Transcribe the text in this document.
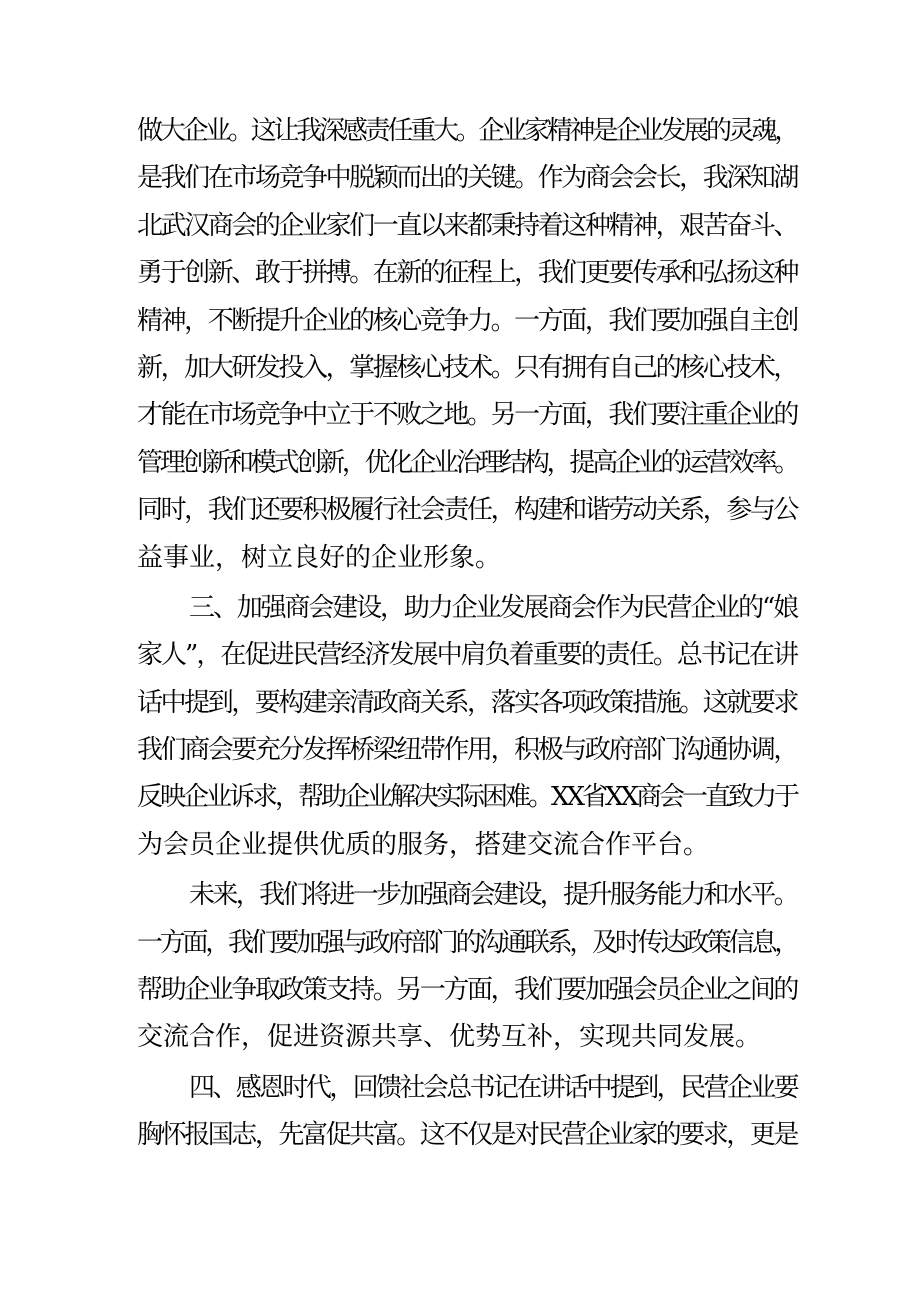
做大企业。这让我深感责任重大。企业家精神是企业发展的灵魂，
是我们在市场竞争中脱颖而出的关键。作为商会会长，我深知湖
北武汉商会的企业家们一直以来都秉持着这种精神，艰苦奋斗、
勇于创新、敢于拼搏。在新的征程上，我们更要传承和弘扬这种
精神，不断提升企业的核心竞争力。一方面，我们要加强自主创
新，加大研发投入，掌握核心技术。只有拥有自己的核心技术，
才能在市场竞争中立于不败之地。另一方面，我们要注重企业的
管理创新和模式创新，优化企业治理结构，提高企业的运营效率。
同时，我们还要积极履行社会责任，构建和谐劳动关系，参与公
益事业，树立良好的企业形象。
三、加强商会建设，助力企业发展商会作为民营企业的“娘
家人”，在促进民营经济发展中肩负着重要的责任。总书记在讲
话中提到，要构建亲清政商关系，落实各项政策措施。这就要求
我们商会要充分发挥桥梁纽带作用，积极与政府部门沟通协调，
反映企业诉求，帮助企业解决实际困难。XX省XX商会一直致力于
为会员企业提供优质的服务，搭建交流合作平台。
未来，我们将进一步加强商会建设，提升服务能力和水平。
一方面，我们要加强与政府部门的沟通联系，及时传达政策信息，
帮助企业争取政策支持。另一方面，我们要加强会员企业之间的
交流合作，促进资源共享、优势互补，实现共同发展。
四、感恩时代，回馈社会总书记在讲话中提到，民营企业要
胸怀报国志，先富促共富。这不仅是对民营企业家的要求，更是
